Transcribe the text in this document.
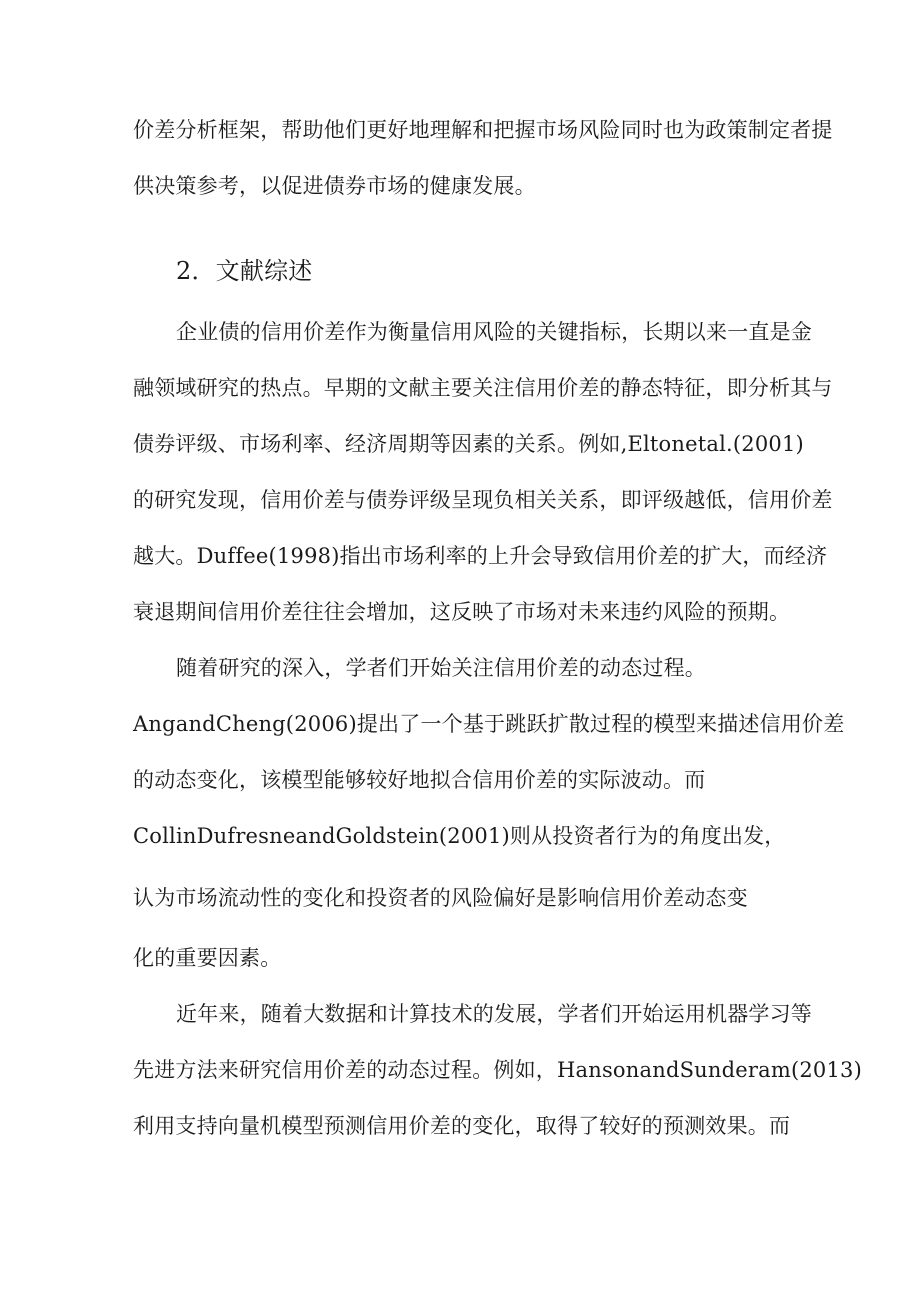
价差分析框架，帮助他们更好地理解和把握市场风险同时也为政策制定者提
供决策参考，以促进债券市场的健康发展。
2．文献综述
企业债的信用价差作为衡量信用风险的关键指标，长期以来一直是金
融领域研究的热点。早期的文献主要关注信用价差的静态特征，即分析其与
债券评级、市场利率、经济周期等因素的关系。例如,Eltonetal.(2001)
的研究发现，信用价差与债券评级呈现负相关关系，即评级越低，信用价差
越大。Duffee(1998)指出市场利率的上升会导致信用价差的扩大，而经济
衰退期间信用价差往往会增加，这反映了市场对未来违约风险的预期。
随着研究的深入，学者们开始关注信用价差的动态过程。
AngandCheng(2006)提出了一个基于跳跃扩散过程的模型来描述信用价差
的动态变化，该模型能够较好地拟合信用价差的实际波动。而
CollinDufresneandGoldstein(2001)则从投资者行为的角度出发，
认为市场流动性的变化和投资者的风险偏好是影响信用价差动态变
化的重要因素。
近年来，随着大数据和计算技术的发展，学者们开始运用机器学习等
先进方法来研究信用价差的动态过程。例如，HansonandSunderam(2013)
利用支持向量机模型预测信用价差的变化，取得了较好的预测效果。而
